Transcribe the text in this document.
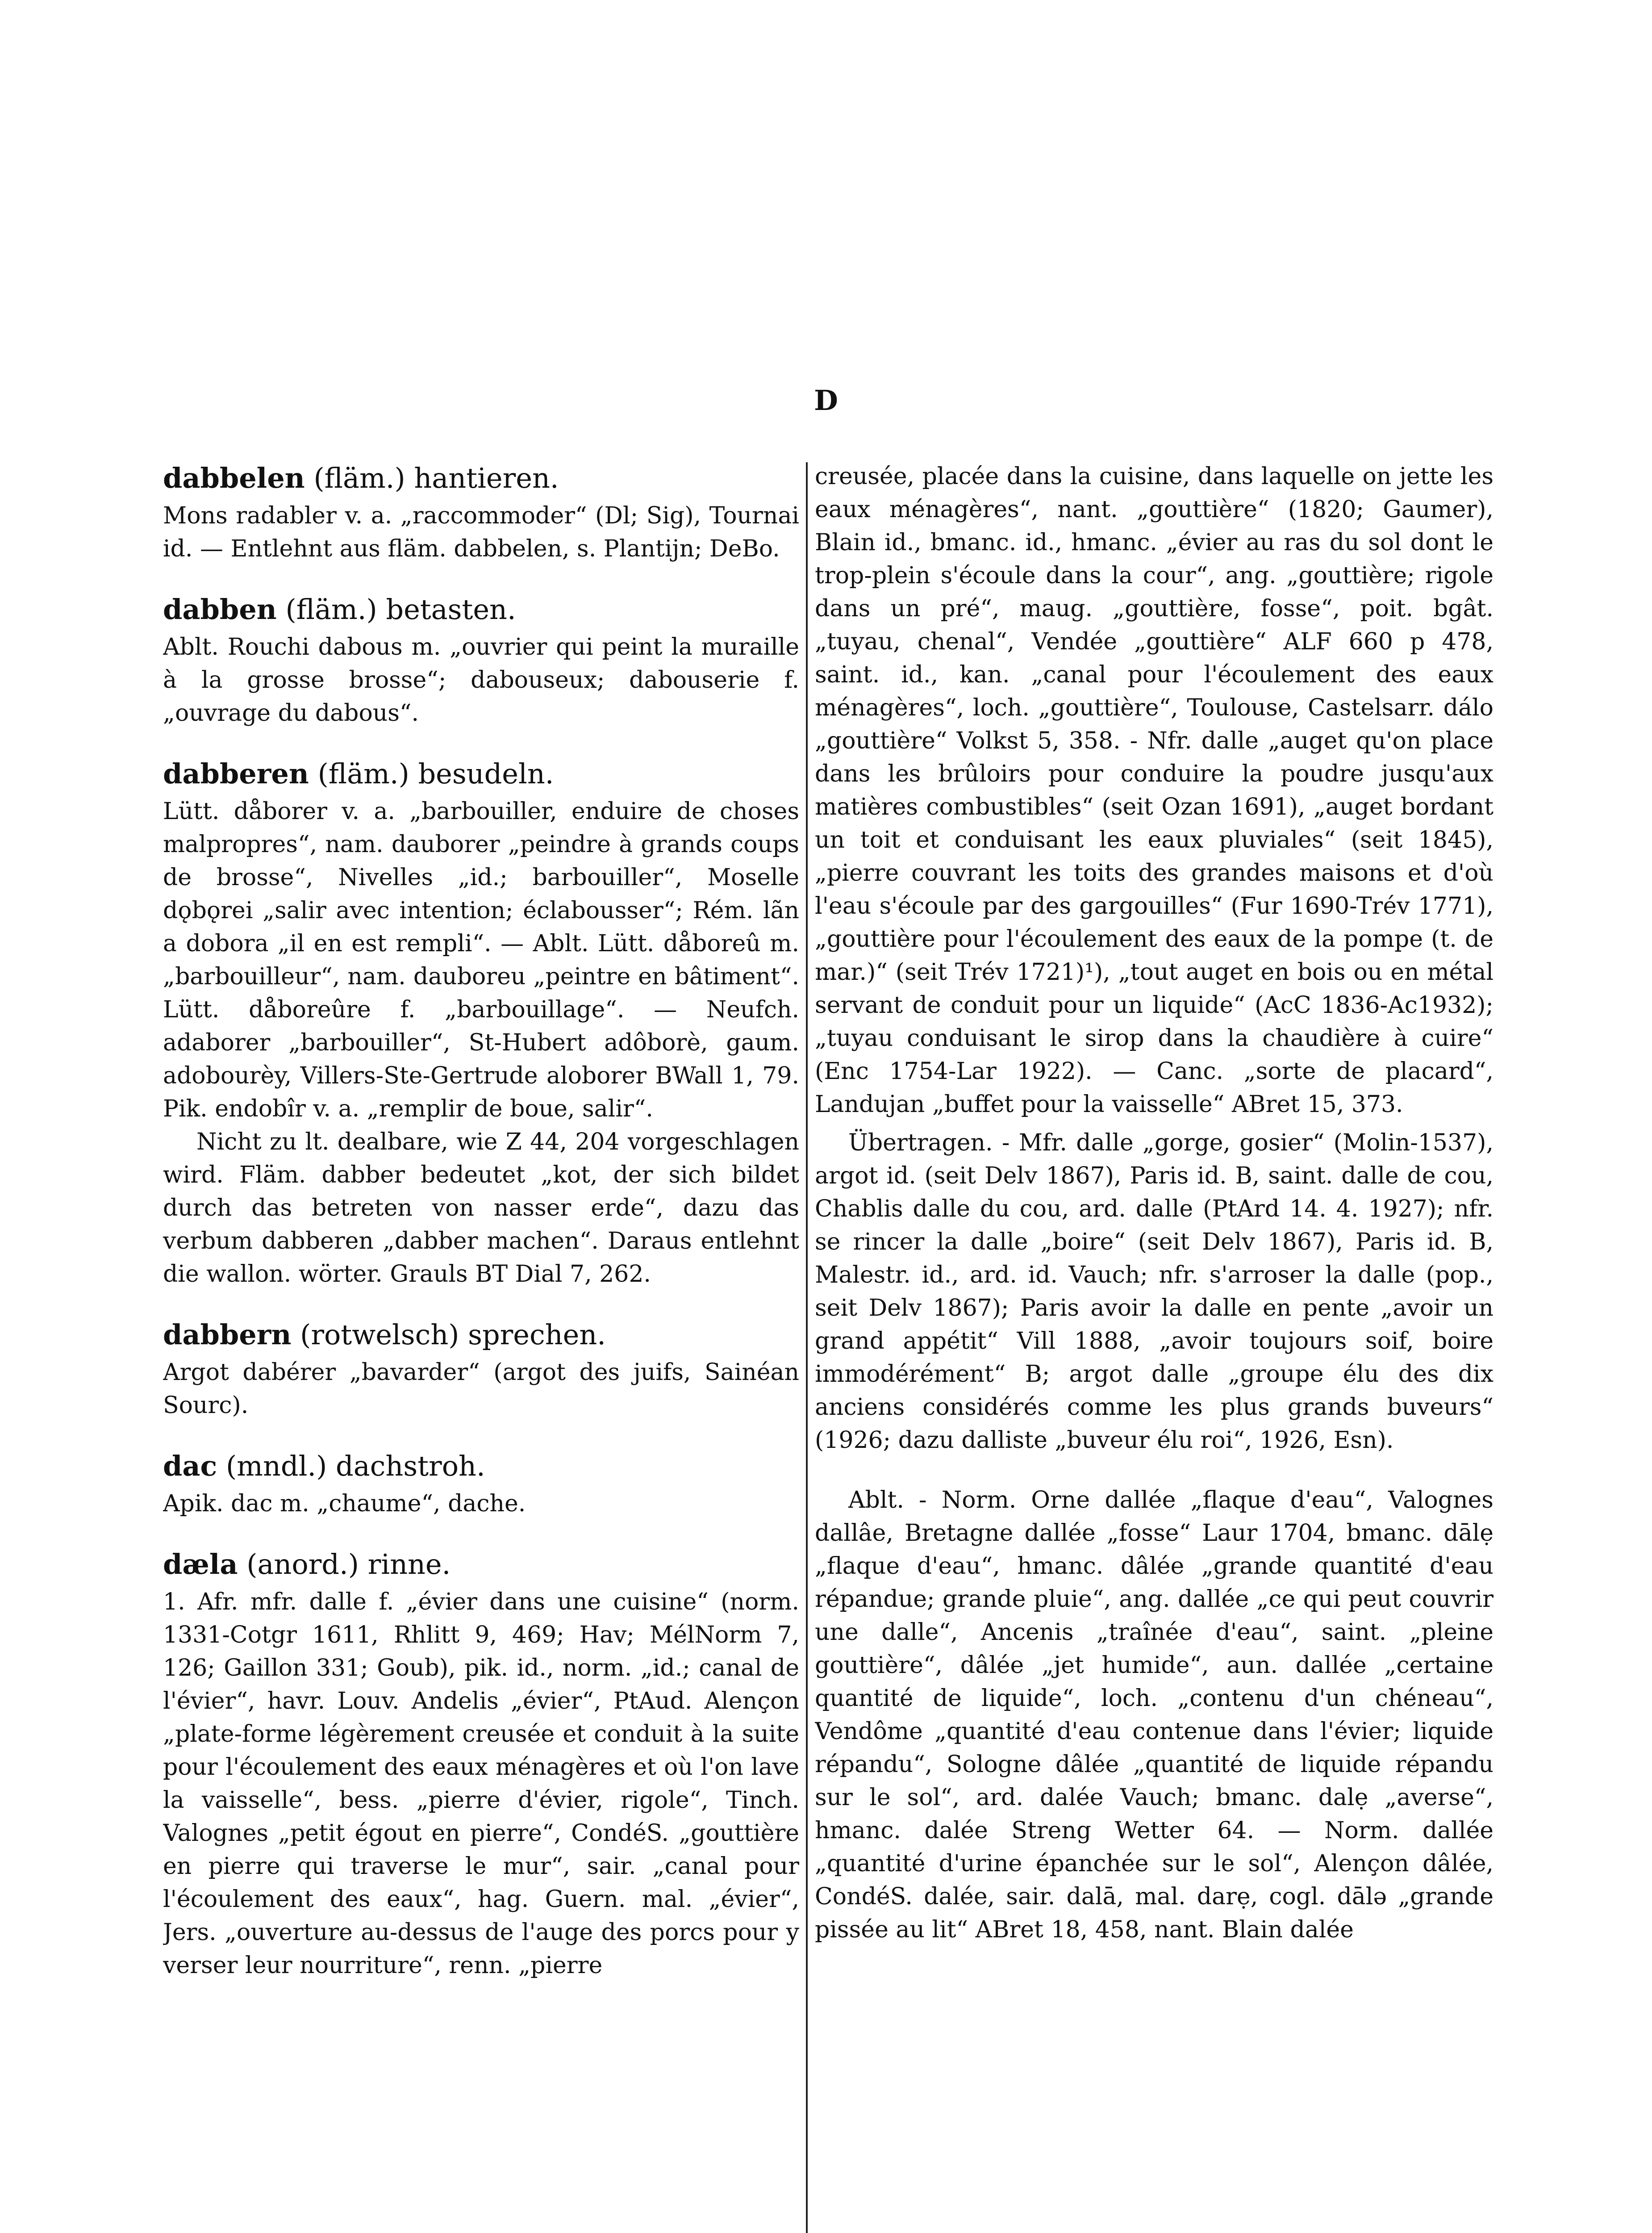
D
dabbelen (fläm.) hantieren.

Mons radabler v. a. „raccommoder“ (Dl; Sig), Tournai id. — Entlehnt aus fläm. dabbelen, s. Plantijn; DeBo.

dabben (fläm.) betasten.

Ablt. Rouchi dabous m. „ouvrier qui peint la muraille à la grosse brosse“; dabouseux; dabouserie f. „ouvrage du dabous“.

dabberen (fläm.) besudeln.

Lütt. dåborer v. a. „barbouiller, enduire de choses malpropres“, nam. dauborer „peindre à grands coups de brosse“, Nivelles „id.; barbouiller“, Moselle dǫbǫrei „salir avec intention; éclabousser“; Rém. lãn a dobora „il en est rempli“. — Ablt. Lütt. dåboreû m. „barbouilleur“, nam. dauboreu „peintre en bâtiment“. Lütt. dåboreûre f. „barbouillage“. — Neufch. adaborer „barbouiller“, St-Hubert adôborè, gaum. adobourèy, Villers-Ste-Gertrude aloborer BWall 1, 79. Pik. endobîr v. a. „remplir de boue, salir“.

Nicht zu lt. dealbare, wie Z 44, 204 vorgeschlagen wird. Fläm. dabber bedeutet „kot, der sich bildet durch das betreten von nasser erde“, dazu das verbum dabberen „dabber machen“. Daraus entlehnt die wallon. wörter. Grauls BT Dial 7, 262.

dabbern (rotwelsch) sprechen.

Argot dabérer „bavarder“ (argot des juifs, Sainéan Sourc).

dac (mndl.) dachstroh.

Apik. dac m. „chaume“, dache.

dæla (anord.) rinne.

1. Afr. mfr. dalle f. „évier dans une cuisine“ (norm. 1331-Cotgr 1611, Rhlitt 9, 469; Hav; MélNorm 7, 126; Gaillon 331; Goub), pik. id., norm. „id.; canal de l'évier“, havr. Louv. Andelis „évier“, PtAud. Alençon „plate-forme légèrement creusée et conduit à la suite pour l'écoulement des eaux ménagères et où l'on lave la vaisselle“, bess. „pierre d'évier, rigole“, Tinch. Valognes „petit égout en pierre“, CondéS. „gouttière en pierre qui traverse le mur“, sair. „canal pour l'écoulement des eaux“, hag. Guern. mal. „évier“, Jers. „ouverture au-dessus de l'auge des porcs pour y verser leur nourriture“, renn. „pierre

creusée, placée dans la cuisine, dans laquelle on jette les eaux ménagères“, nant. „gouttière“ (1820; Gaumer), Blain id., bmanc. id., hmanc. „évier au ras du sol dont le trop-plein s'écoule dans la cour“, ang. „gouttière; rigole dans un pré“, maug. „gouttière, fosse“, poit. bgât. „tuyau, chenal“, Vendée „gouttière“ ALF 660 p 478, saint. id., kan. „canal pour l'écoulement des eaux ménagères“, loch. „gouttière“, Toulouse, Castelsarr. dálo „gouttière“ Volkst 5, 358. - Nfr. dalle „auget qu'on place dans les brûloirs pour conduire la poudre jusqu'aux matières combustibles“ (seit Ozan 1691), „auget bordant un toit et conduisant les eaux pluviales“ (seit 1845), „pierre couvrant les toits des grandes maisons et d'où l'eau s'écoule par des gargouilles“ (Fur 1690-Trév 1771), „gouttière pour l'écoulement des eaux de la pompe (t. de mar.)“ (seit Trév 1721)¹), „tout auget en bois ou en métal servant de conduit pour un liquide“ (AcC 1836-Ac1932); „tuyau conduisant le sirop dans la chaudière à cuire“ (Enc 1754-Lar 1922). — Canc. „sorte de placard“, Landujan „buffet pour la vaisselle“ ABret 15, 373.

Übertragen. - Mfr. dalle „gorge, gosier“ (Molin-1537), argot id. (seit Delv 1867), Paris id. B, saint. dalle de cou, Chablis dalle du cou, ard. dalle (PtArd 14. 4. 1927); nfr. se rincer la dalle „boire“ (seit Delv 1867), Paris id. B, Malestr. id., ard. id. Vauch; nfr. s'arroser la dalle (pop., seit Delv 1867); Paris avoir la dalle en pente „avoir un grand appétit“ Vill 1888, „avoir toujours soif, boire immodérément“ B; argot dalle „groupe élu des dix anciens considérés comme les plus grands buveurs“ (1926; dazu dalliste „buveur élu roi“, 1926, Esn).

Ablt. - Norm. Orne dallée „flaque d'eau“, Valognes dallâe, Bretagne dallée „fosse“ Laur 1704, bmanc. dālẹ „flaque d'eau“, hmanc. dâlée „grande quantité d'eau répandue; grande pluie“, ang. dallée „ce qui peut couvrir une dalle“, Ancenis „traînée d'eau“, saint. „pleine gouttière“, dâlée „jet humide“, aun. dallée „certaine quantité de liquide“, loch. „contenu d'un chéneau“, Vendôme „quantité d'eau contenue dans l'évier; liquide répandu“, Sologne dâlée „quantité de liquide répandu sur le sol“, ard. dalée Vauch; bmanc. dalẹ „averse“, hmanc. dalée Streng Wetter 64. — Norm. dallée „quantité d'urine épanchée sur le sol“, Alençon dâlée, CondéS. dalée, sair. dalā, mal. darẹ, cogl. dālə „grande pissée au lit“ ABret 18, 458, nant. Blain dalée
